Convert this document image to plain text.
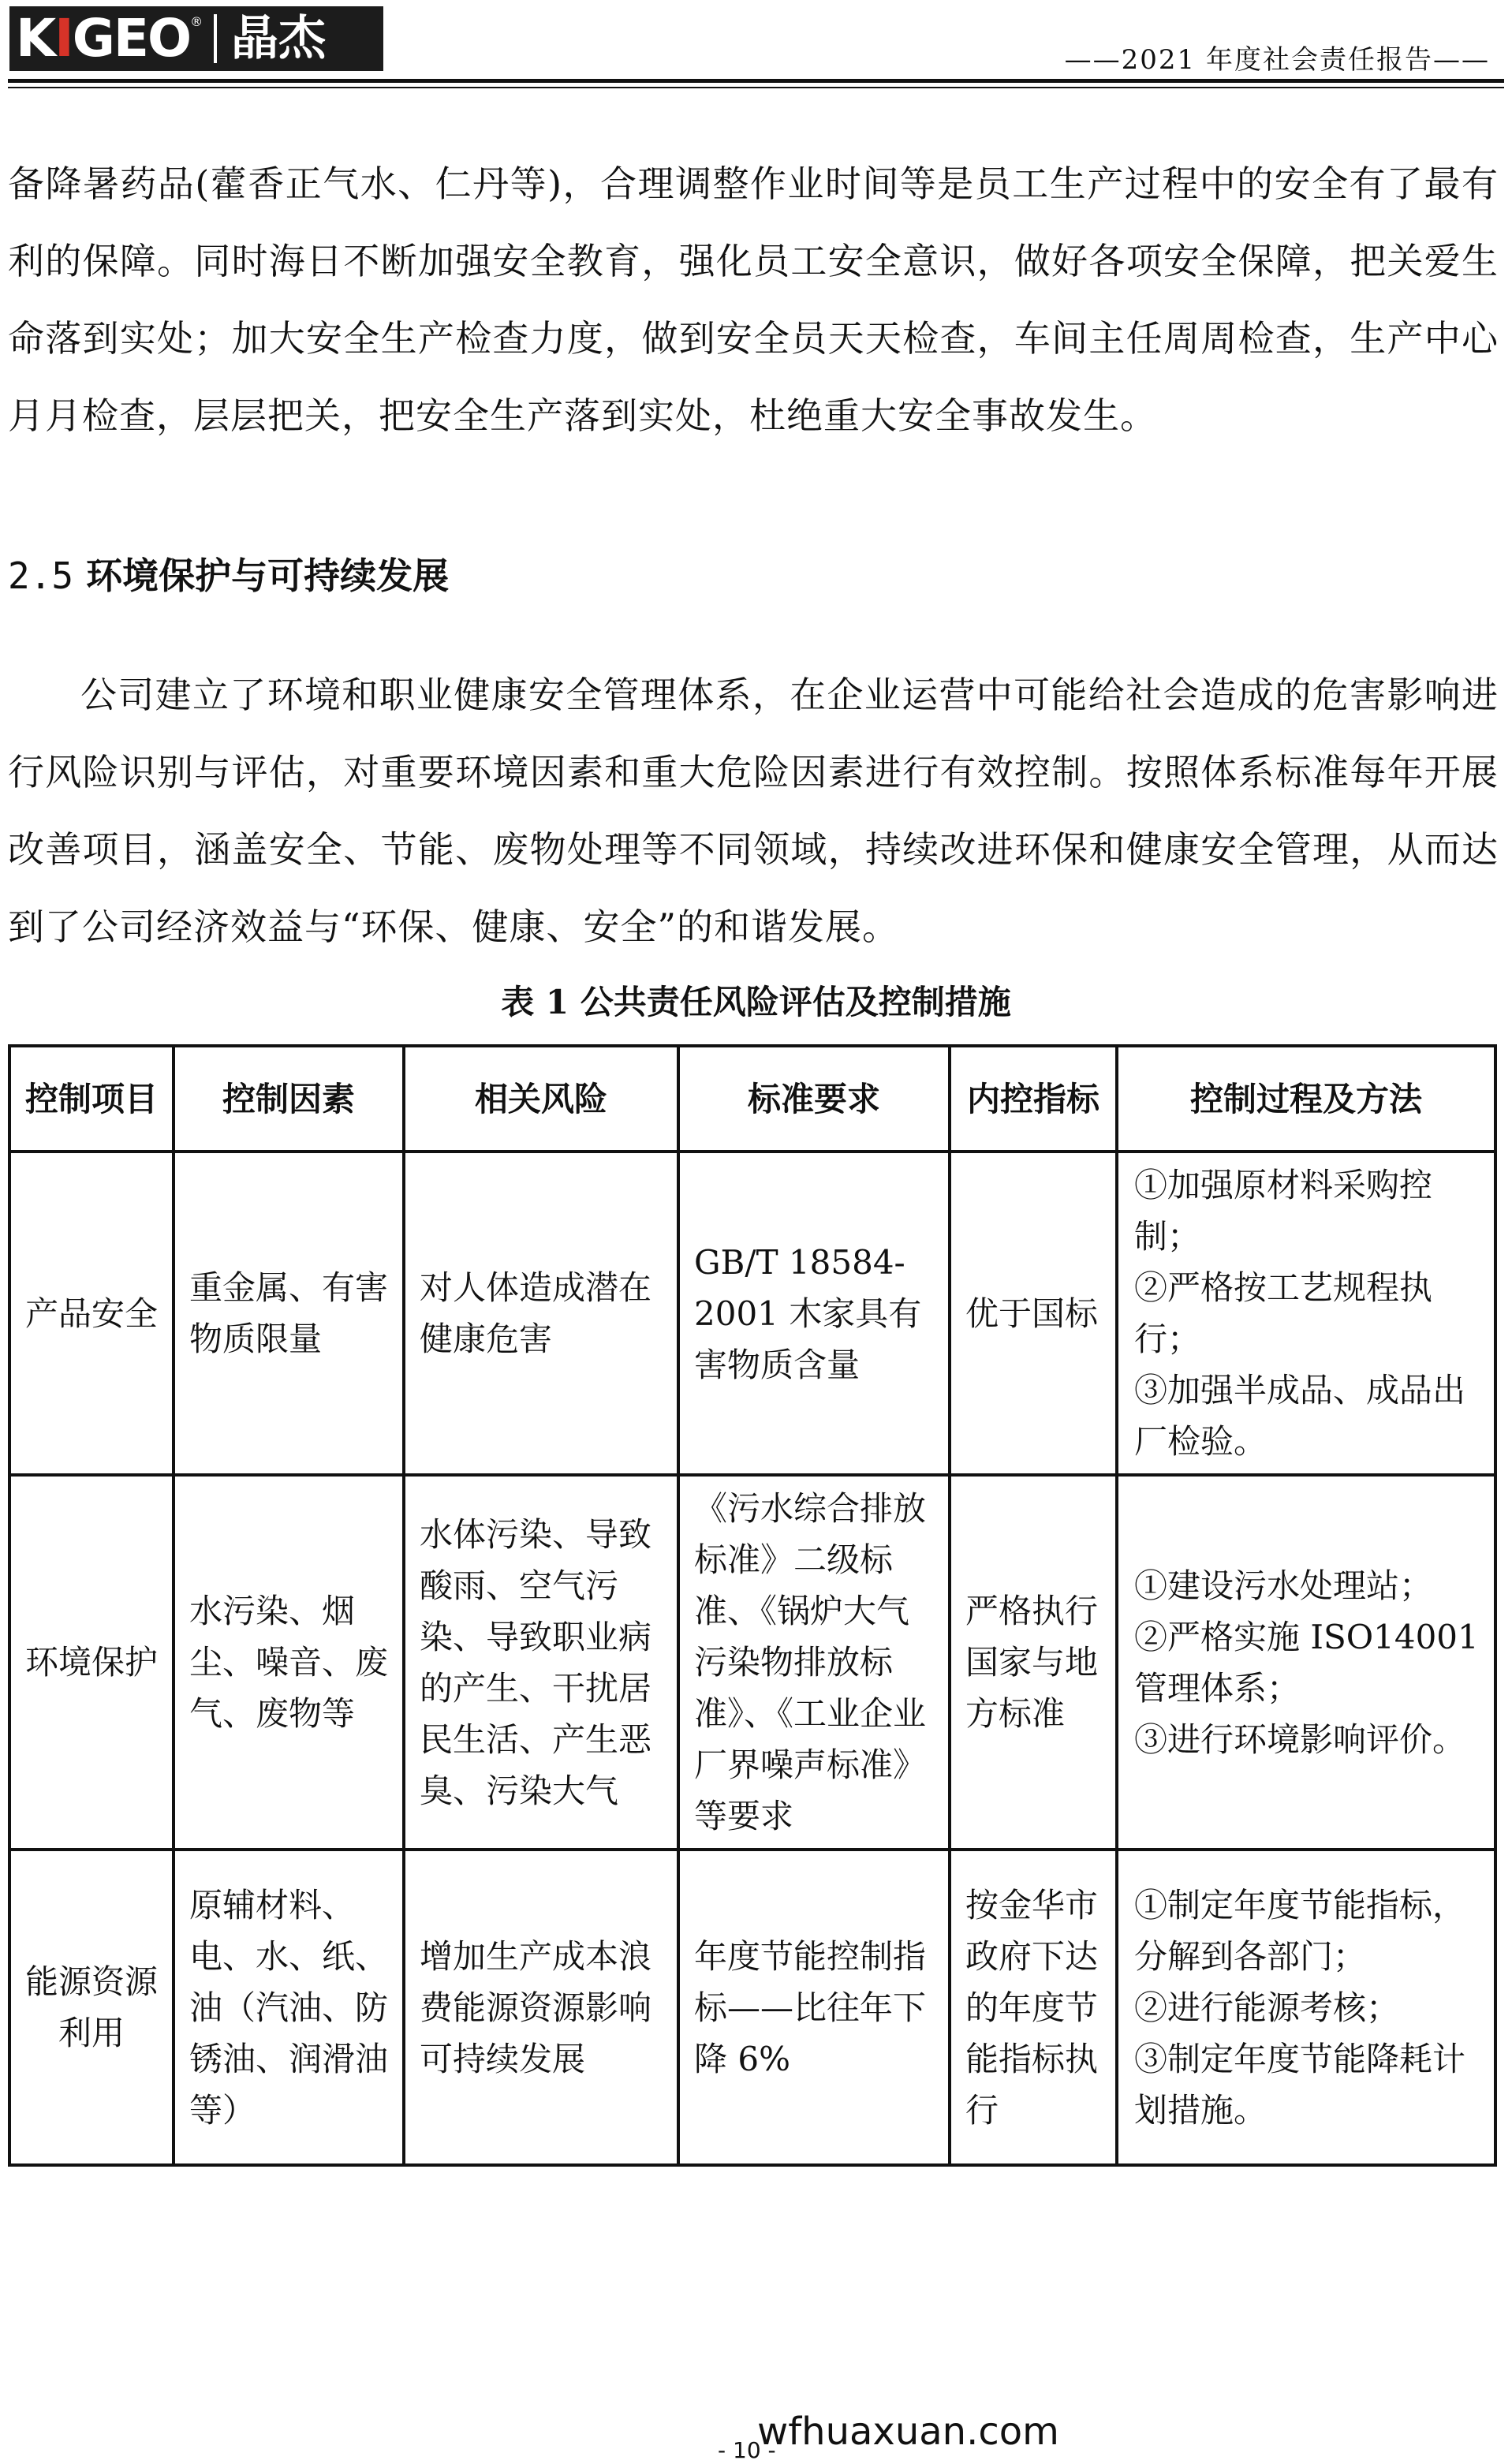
KIGEO ® 晶杰	——2021 年度社会责任报告——

备降暑药品(藿香正气水、仁丹等)，合理调整作业时间等是员工生产过程中的安全有了最有利的保障。同时海日不断加强安全教育，强化员工安全意识，做好各项安全保障，把关爱生命落到实处；加大安全生产检查力度，做到安全员天天检查，车间主任周周检查，生产中心月月检查，层层把关，把安全生产落到实处，杜绝重大安全事故发生。

2.5 环境保护与可持续发展

公司建立了环境和职业健康安全管理体系，在企业运营中可能给社会造成的危害影响进行风险识别与评估，对重要环境因素和重大危险因素进行有效控制。按照体系标准每年开展改善项目，涵盖安全、节能、废物处理等不同领域，持续改进环保和健康安全管理，从而达到了公司经济效益与“环保、健康、安全”的和谐发展。

表 1 公共责任风险评估及控制措施

控制项目	控制因素	相关风险	标准要求	内控指标	控制过程及方法
产品安全	重金属、有害物质限量	对人体造成潜在健康危害	GB/T 18584-2001 木家具有害物质含量	优于国标	①加强原材料采购控制；
②严格按工艺规程执行；
③加强半成品、成品出厂检验。

环境保护	水污染、烟尘、噪音、废气、废物等	水体污染、导致酸雨、空气污染、导致职业病的产生、干扰居民生活、产生恶臭、污染大气	《污水综合排放标准》二级标准、《锅炉大气污染物排放标准》、《工业企业厂界噪声标准》等要求	严格执行国家与地方标准	①建设污水处理站；
②严格实施 ISO14001 管理体系；
③进行环境影响评价。

能源资源利用	原辅材料、电、水、纸、油（汽油、防锈油、润滑油等）	增加生产成本浪费能源资源影响可持续发展	年度节能控制指标——比往年下降 6%	按金华市政府下达的年度节能指标执行	①制定年度节能指标，分解到各部门；
②进行能源考核；
③制定年度节能降耗计划措施。
- 10 -
wfhuaxuan.com
